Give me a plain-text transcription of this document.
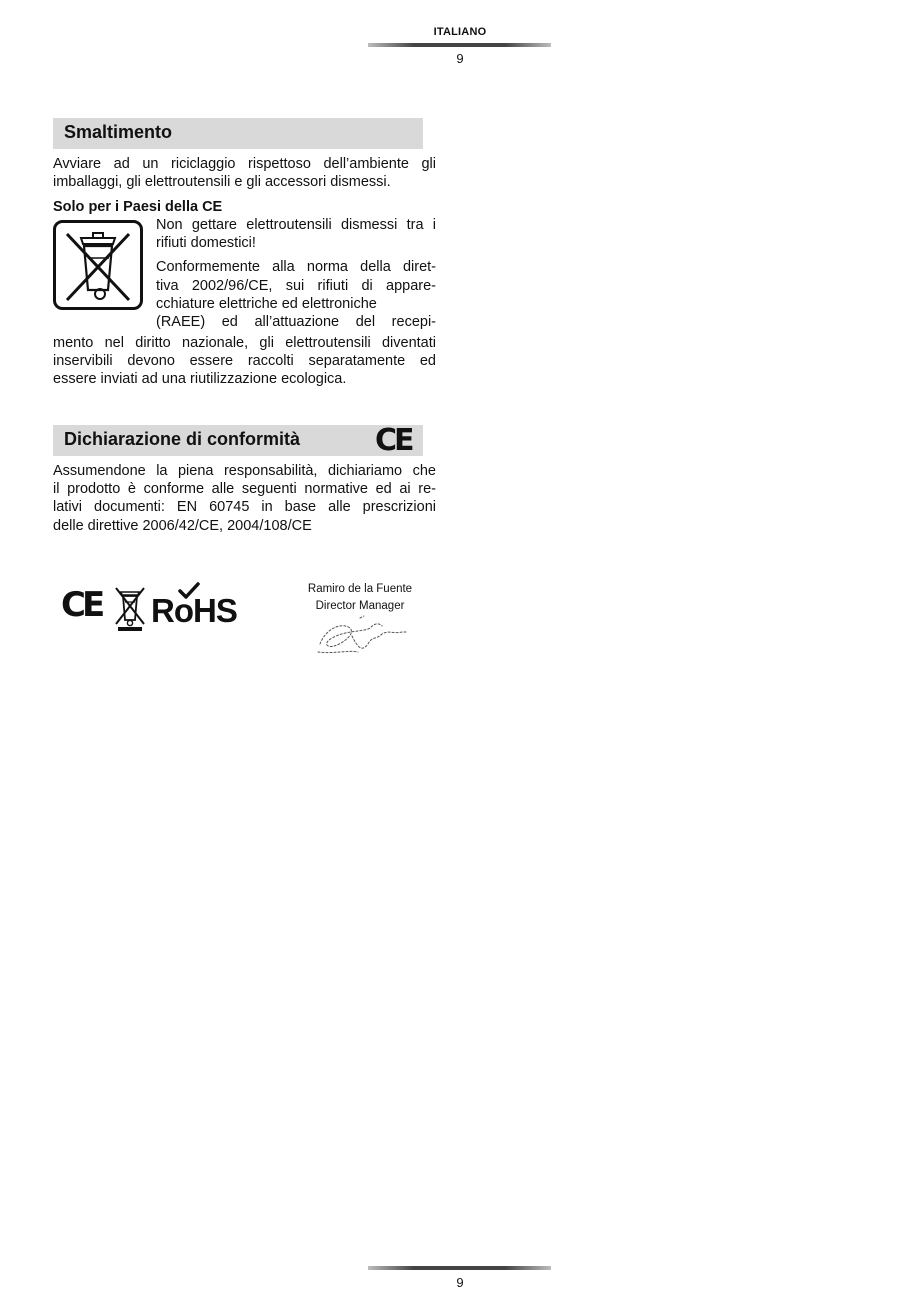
ITALIANO
9
Smaltimento
Avviare ad un riciclaggio rispettoso dell’ambiente gli
imballaggi, gli elettroutensili e gli accessori dismessi.
Solo per i Paesi della CE
Non gettare elettroutensili dismessi tra i
rifiuti domestici!
Conformemente alla norma della diret-
tiva 2002/96/CE, sui rifiuti di appare-
cchiature elettriche ed elettroniche
(RAEE) ed all’attuazione del recepi-
mento nel diritto nazionale, gli elettroutensili diventati
inservibili devono essere raccolti separatamente ed
essere inviati ad una riutilizzazione ecologica.
Dichiarazione di conformità CE
Assumendone la piena responsabilità, dichiariamo che
il prodotto è conforme alle seguenti normative ed ai re-
lativi documenti: EN 60745 in base alle prescrizioni
delle direttive 2006/42/CE, 2004/108/CE
CE RoHS
Ramiro de la Fuente
Director Manager
9
